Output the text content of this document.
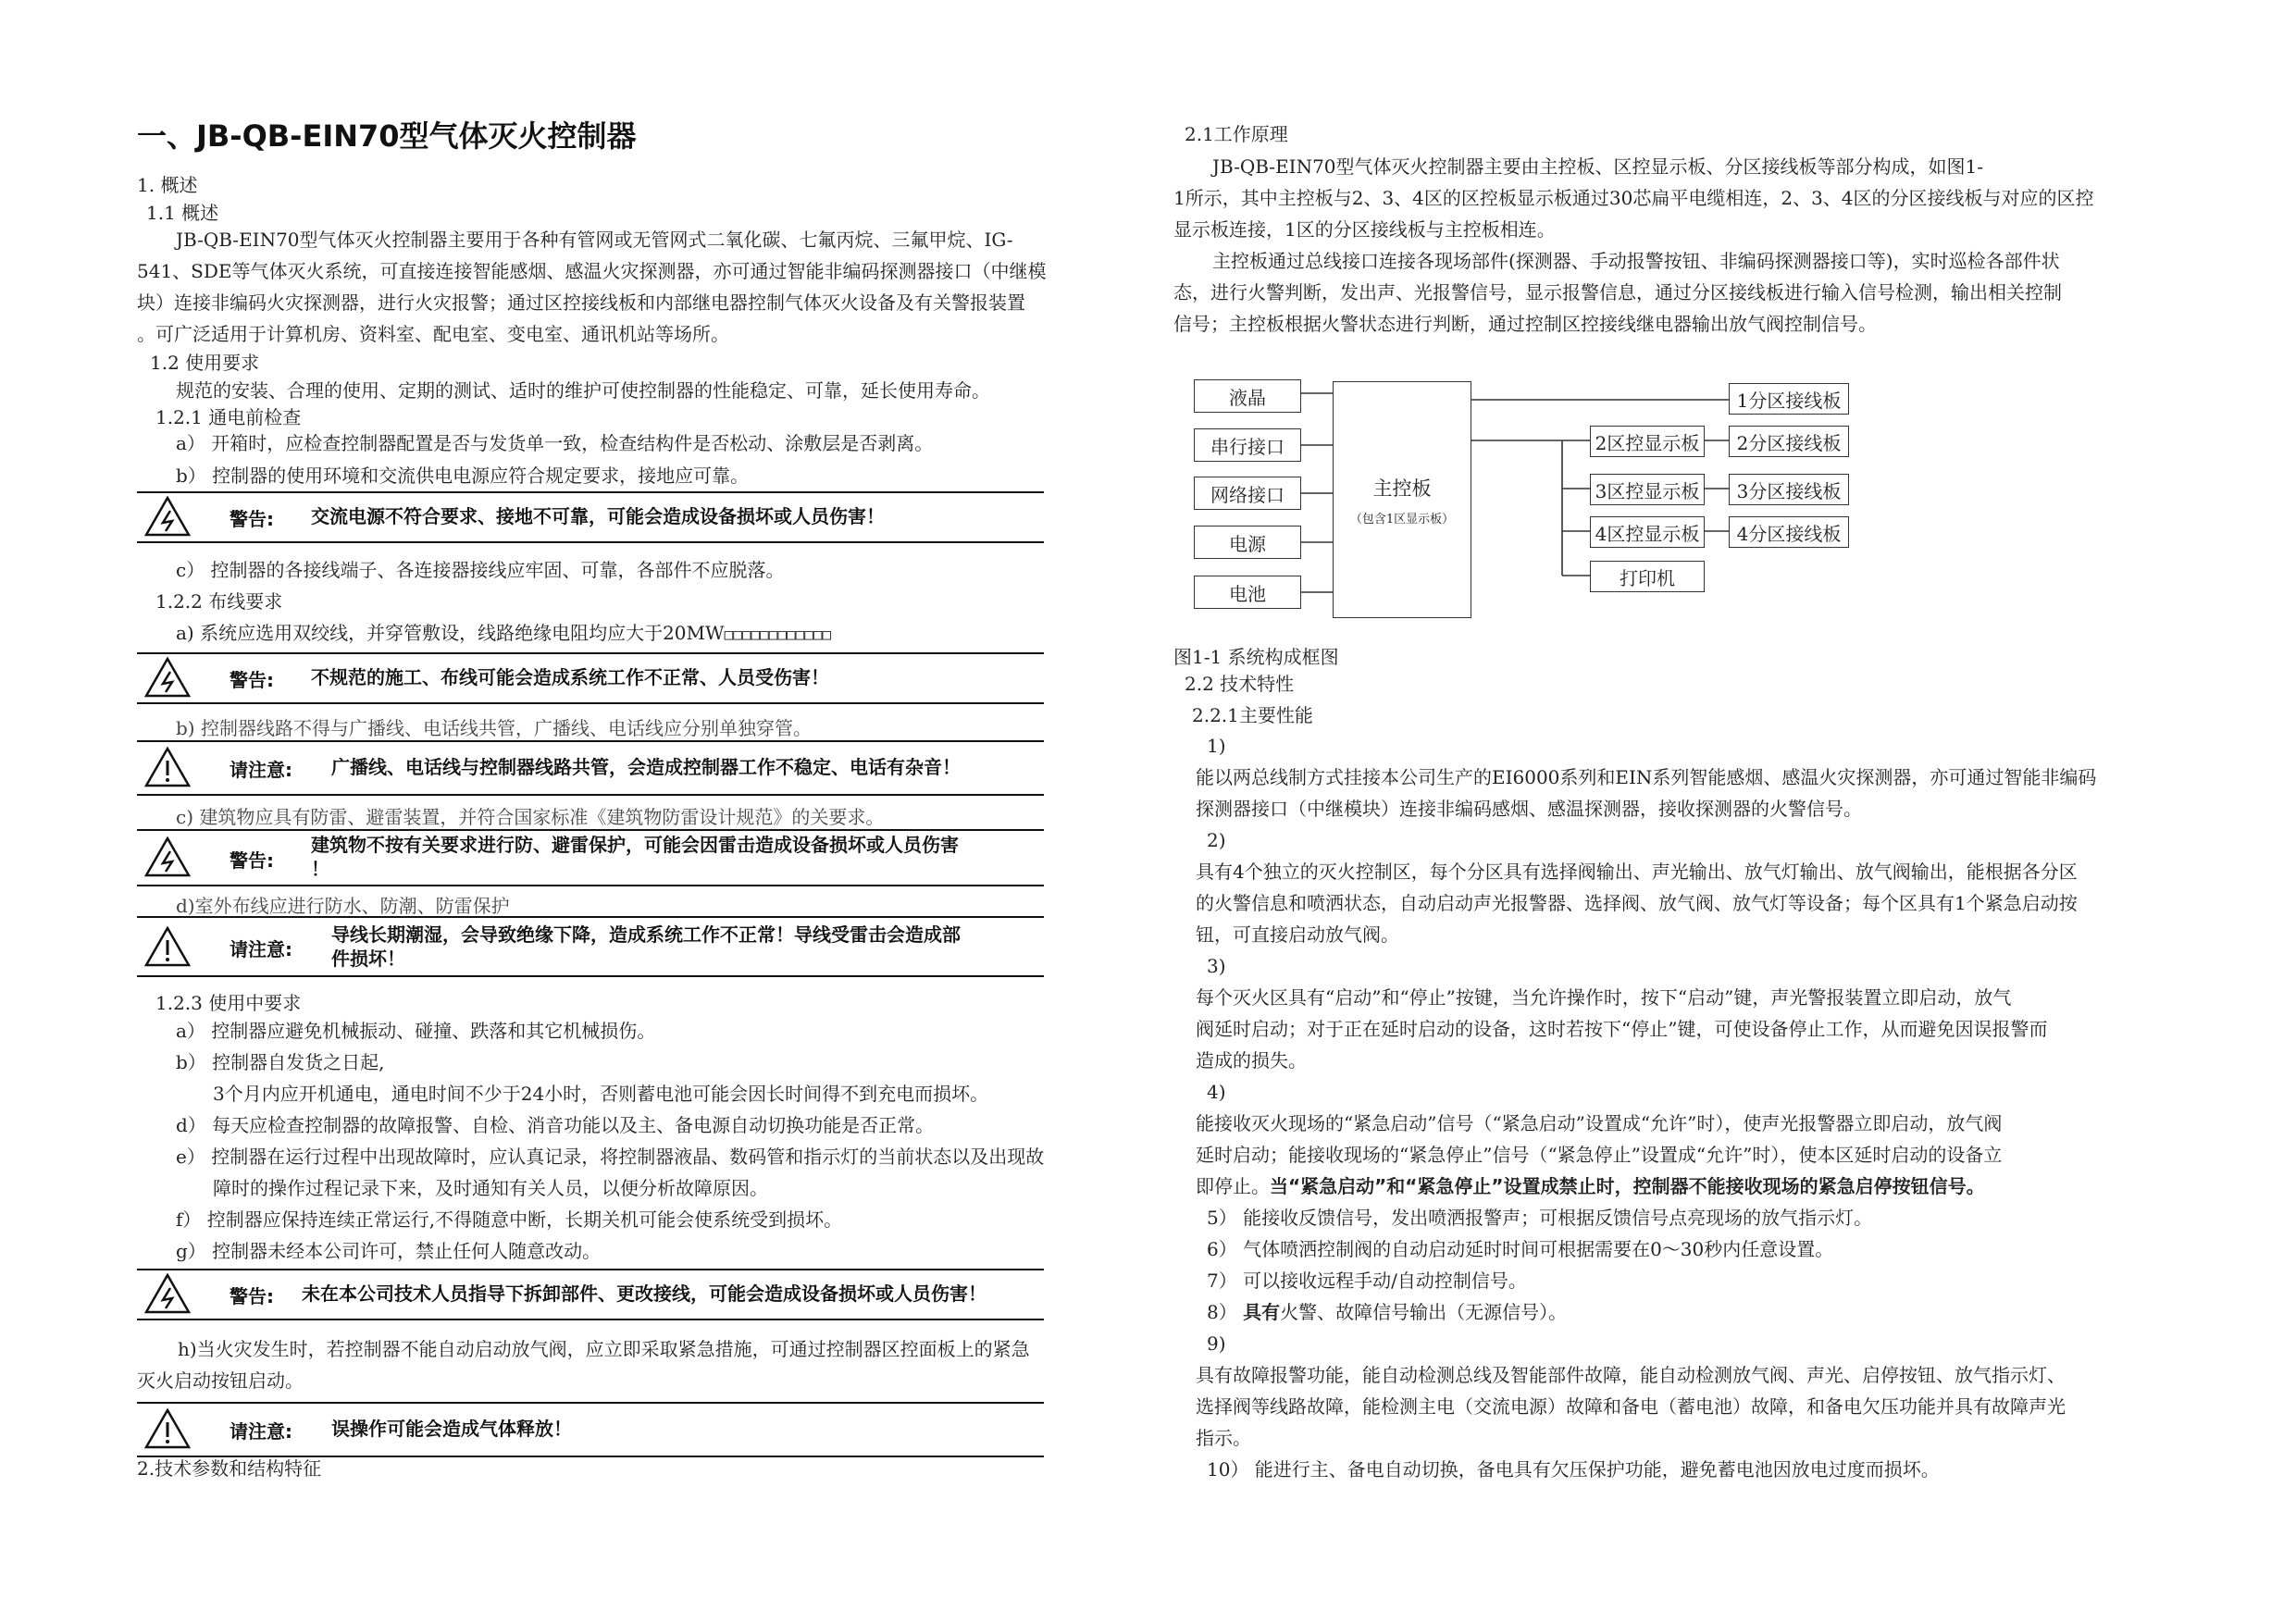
一、JB-QB-EIN70型气体灭火控制器
1. 概述
1.1 概述
JB-QB-EIN70型气体灭火控制器主要用于各种有管网或无管网式二氧化碳、七氟丙烷、三氟甲烷、IG-
541、SDE等气体灭火系统，可直接连接智能感烟、感温火灾探测器，亦可通过智能非编码探测器接口（中继模
块）连接非编码火灾探测器，进行火灾报警；通过区控接线板和内部继电器控制气体灭火设备及有关警报装置
。可广泛适用于计算机房、资料室、配电室、变电室、通讯机站等场所。
1.2 使用要求
规范的安装、合理的使用、定期的测试、适时的维护可使控制器的性能稳定、可靠，延长使用寿命。
1.2.1 通电前检查
a） 开箱时，应检查控制器配置是否与发货单一致，检查结构件是否松动、涂敷层是否剥离。
b） 控制器的使用环境和交流供电电源应符合规定要求，接地应可靠。
警告: 交流电源不符合要求、接地不可靠，可能会造成设备损坏或人员伤害！
c） 控制器的各接线端子、各连接器接线应牢固、可靠，各部件不应脱落。
1.2.2 布线要求
a) 系统应选用双绞线，并穿管敷设，线路绝缘电阻均应大于20MW□□□□□□□□□□□□
警告: 不规范的施工、布线可能会造成系统工作不正常、人员受伤害！
b) 控制器线路不得与广播线、电话线共管，广播线、电话线应分别单独穿管。
请注意: 广播线、电话线与控制器线路共管，会造成控制器工作不稳定、电话有杂音！
c) 建筑物应具有防雷、避雷装置，并符合国家标准《建筑物防雷设计规范》的关要求。
警告:
建筑物不按有关要求进行防、避雷保护，可能会因雷击造成设备损坏或人员伤害
！
d)室外布线应进行防水、防潮、防雷保护
请注意:
导线长期潮湿，会导致绝缘下降，造成系统工作不正常！导线受雷击会造成部
件损坏！
1.2.3 使用中要求
a） 控制器应避免机械振动、碰撞、跌落和其它机械损伤。
b） 控制器自发货之日起,
3个月内应开机通电，通电时间不少于24小时，否则蓄电池可能会因长时间得不到充电而损坏。
d） 每天应检查控制器的故障报警、自检、消音功能以及主、备电源自动切换功能是否正常。
e） 控制器在运行过程中出现故障时，应认真记录，将控制器液晶、数码管和指示灯的当前状态以及出现故
障时的操作过程记录下来，及时通知有关人员，以便分析故障原因。
f） 控制器应保持连续正常运行,不得随意中断，长期关机可能会使系统受到损坏。
g） 控制器未经本公司许可，禁止任何人随意改动。
警告: 未在本公司技术人员指导下拆卸部件、更改接线，可能会造成设备损坏或人员伤害！
h)当火灾发生时，若控制器不能自动启动放气阀，应立即采取紧急措施，可通过控制器区控面板上的紧急
灭火启动按钮启动。
请注意: 误操作可能会造成气体释放！
2.技术参数和结构特征
2.1工作原理
JB-QB-EIN70型气体灭火控制器主要由主控板、区控显示板、分区接线板等部分构成，如图1-
1所示，其中主控板与2、3、4区的区控板显示板通过30芯扁平电缆相连，2、3、4区的分区接线板与对应的区控
显示板连接，1区的分区接线板与主控板相连。
主控板通过总线接口连接各现场部件(探测器、手动报警按钮、非编码探测器接口等)，实时巡检各部件状
态，进行火警判断，发出声、光报警信号，显示报警信息，通过分区接线板进行输入信号检测，输出相关控制
信号；主控板根据火警状态进行判断，通过控制区控接线继电器输出放气阀控制信号。
液晶
串行接口
网络接口
电源
电池
主控板
（包含1区显示板）
2区控显示板
3区控显示板
4区控显示板
打印机
1分区接线板
2分区接线板
3分区接线板
4分区接线板
图1-1 系统构成框图
2.2 技术特性
2.2.1主要性能
1)
能以两总线制方式挂接本公司生产的EI6000系列和EIN系列智能感烟、感温火灾探测器，亦可通过智能非编码
探测器接口（中继模块）连接非编码感烟、感温探测器，接收探测器的火警信号。
2)
具有4个独立的灭火控制区，每个分区具有选择阀输出、声光输出、放气灯输出、放气阀输出，能根据各分区
的火警信息和喷洒状态，自动启动声光报警器、选择阀、放气阀、放气灯等设备；每个区具有1个紧急启动按
钮，可直接启动放气阀。
3)
每个灭火区具有“启动”和“停止”按键，当允许操作时，按下“启动”键，声光警报装置立即启动，放气
阀延时启动；对于正在延时启动的设备，这时若按下“停止”键，可使设备停止工作，从而避免因误报警而
造成的损失。
4)
能接收灭火现场的“紧急启动”信号（“紧急启动”设置成“允许”时），使声光报警器立即启动，放气阀
延时启动；能接收现场的“紧急停止”信号（“紧急停止”设置成“允许”时），使本区延时启动的设备立
即停止。当“紧急启动”和“紧急停止”设置成禁止时，控制器不能接收现场的紧急启停按钮信号。
5） 能接收反馈信号，发出喷洒报警声；可根据反馈信号点亮现场的放气指示灯。
6） 气体喷洒控制阀的自动启动延时时间可根据需要在0～30秒内任意设置。
7） 可以接收远程手动/自动控制信号。
8） 具有火警、故障信号输出（无源信号）。
9)
具有故障报警功能，能自动检测总线及智能部件故障，能自动检测放气阀、声光、启停按钮、放气指示灯、
选择阀等线路故障，能检测主电（交流电源）故障和备电（蓄电池）故障，和备电欠压功能并具有故障声光
指示。
10） 能进行主、备电自动切换，备电具有欠压保护功能，避免蓄电池因放电过度而损坏。
